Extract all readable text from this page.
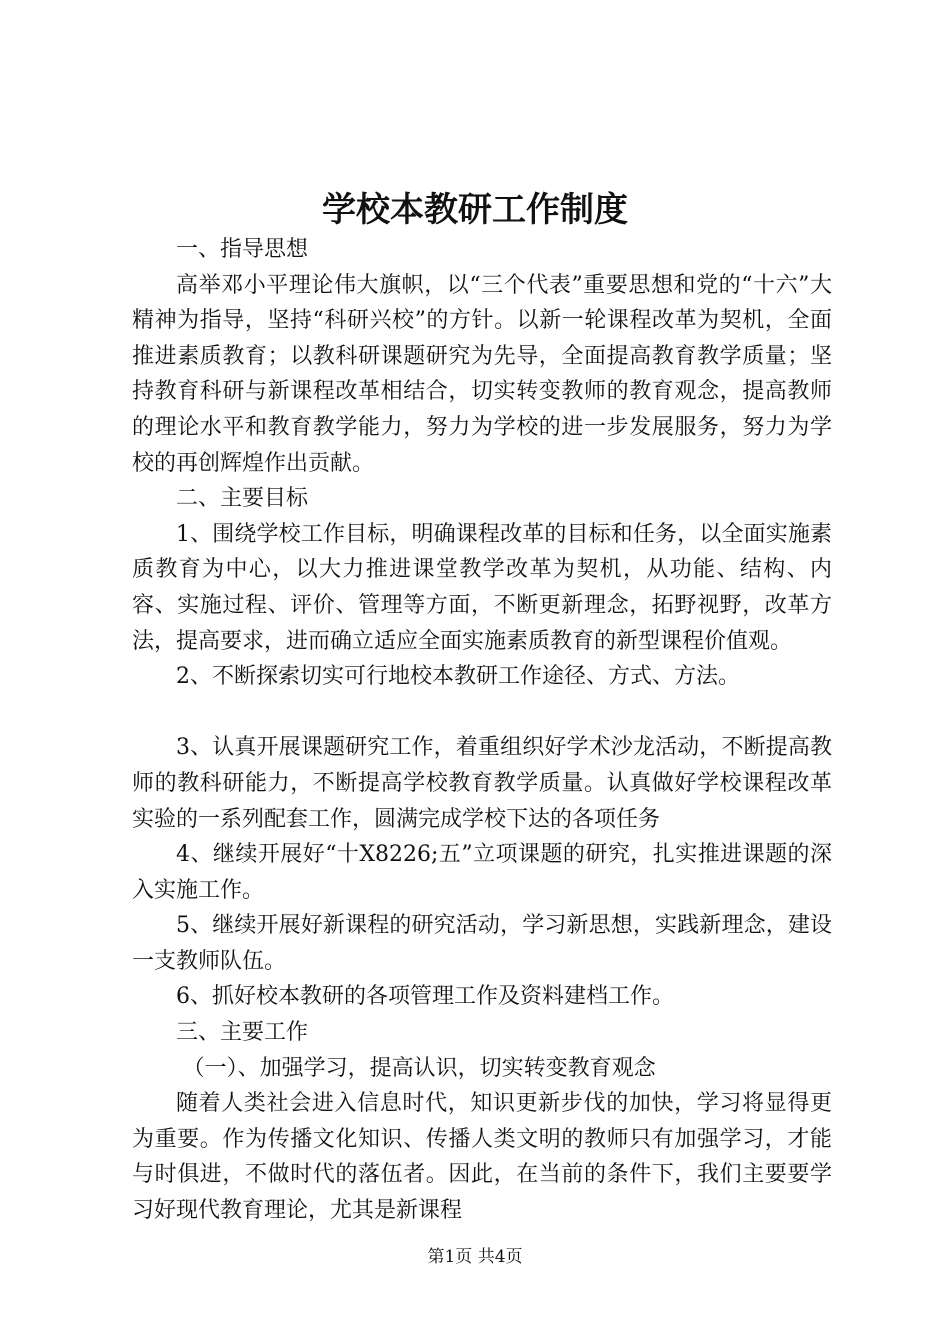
学校本教研工作制度

一、指导思想

高举邓小平理论伟大旗帜，以“三个代表”重要思想和党的“十六”大精神为指导，坚持“科研兴校”的方针。以新一轮课程改革为契机，全面推进素质教育；以教科研课题研究为先导，全面提高教育教学质量；坚持教育科研与新课程改革相结合，切实转变教师的教育观念，提高教师的理论水平和教育教学能力，努力为学校的进一步发展服务，努力为学校的再创辉煌作出贡献。

二、主要目标

1、围绕学校工作目标，明确课程改革的目标和任务，以全面实施素质教育为中心，以大力推进课堂教学改革为契机，从功能、结构、内容、实施过程、评价、管理等方面，不断更新理念，拓野视野，改革方法，提高要求，进而确立适应全面实施素质教育的新型课程价值观。

2、不断探索切实可行地校本教研工作途径、方式、方法。

3、认真开展课题研究工作，着重组织好学术沙龙活动，不断提高教师的教科研能力，不断提高学校教育教学质量。认真做好学校课程改革实验的一系列配套工作，圆满完成学校下达的各项任务

4、继续开展好“十X8226;五”立项课题的研究，扎实推进课题的深入实施工作。

5、继续开展好新课程的研究活动，学习新思想，实践新理念，建设一支教师队伍。

6、抓好校本教研的各项管理工作及资料建档工作。

三、主要工作

（一）、加强学习，提高认识，切实转变教育观念

随着人类社会进入信息时代，知识更新步伐的加快，学习将显得更为重要。作为传播文化知识、传播人类文明的教师只有加强学习，才能与时俱进，不做时代的落伍者。因此，在当前的条件下，我们主要要学习好现代教育理论，尤其是新课程

第1页 共4页
